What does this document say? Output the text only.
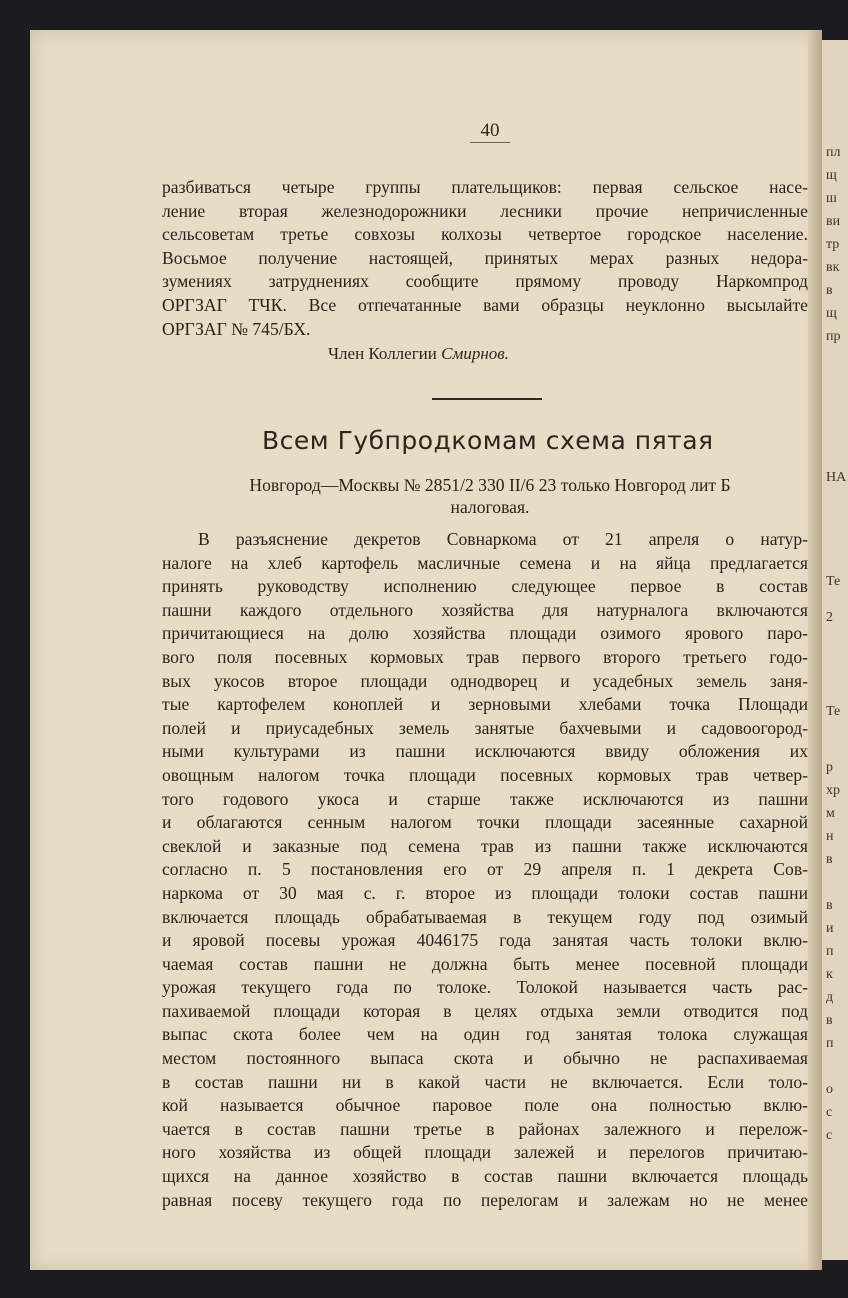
пл
щ
ш
ви
тр
вк
в
щ
пр
НА
Те
2
Те
р
хр
м
н
в
в
и
п
к
д
в
п
о
с
с
40

разбиваться четыре группы плательщиков: первая сельское насе-
ление вторая железнодорожники лесники прочие непричисленные
сельсоветам третье совхозы колхозы четвертое городское население.
Восьмое получение настоящей, принятых мерах разных недора-
зумениях затруднениях сообщите прямому проводу Наркомпрод
ОРГЗАГ ТЧК. Все отпечатанные вами образцы неуклонно высылайте
ОРГЗАГ № 745/БХ.

Член Коллегии Смирнов.
Всем Губпродкомам схема пятая
Новгород—Москвы № 2851/2 330 II/6 23 только Новгород лит Б
налоговая.

В разъяснение декретов Совнаркома от 21 апреля о натур-
налоге на хлеб картофель масличные семена и на яйца предлагается
принять руководству исполнению следующее первое в состав
пашни каждого отдельного хозяйства для натурналога включаются
причитающиеся на долю хозяйства площади озимого ярового паро-
вого поля посевных кормовых трав первого второго третьего годо-
вых укосов второе площади однодворец и усадебных земель заня-
тые картофелем коноплей и зерновыми хлебами точка Площади
полей и приусадебных земель занятые бахчевыми и садовоогород-
ными культурами из пашни исключаются ввиду обложения их
овощным налогом точка площади посевных кормовых трав четвер-
того годового укоса и старше также исключаются из пашни
и облагаются сенным налогом точки площади засеянные сахарной
свеклой и заказные под семена трав из пашни также исключаются
согласно п. 5 постановления его от 29 апреля п. 1 декрета Сов-
наркома от 30 мая с. г. второе из площади толоки состав пашни
включается площадь обрабатываемая в текущем году под озимый
и яровой посевы урожая 4046175 года занятая часть толоки вклю-
чаемая состав пашни не должна быть менее посевной площади
урожая текущего года по толоке. Толокой называется часть рас-
пахиваемой площади которая в целях отдыха земли отводится под
выпас скота более чем на один год занятая толока служащая
местом постоянного выпаса скота и обычно не распахиваемая
в состав пашни ни в какой части не включается. Если толо-
кой называется обычное паровое поле она полностью вклю-
чается в состав пашни третье в районах залежного и перелож-
ного хозяйства из общей площади залежей и перелогов причитаю-
щихся на данное хозяйство в состав пашни включается площадь
равная посеву текущего года по перелогам и залежам но не менее
